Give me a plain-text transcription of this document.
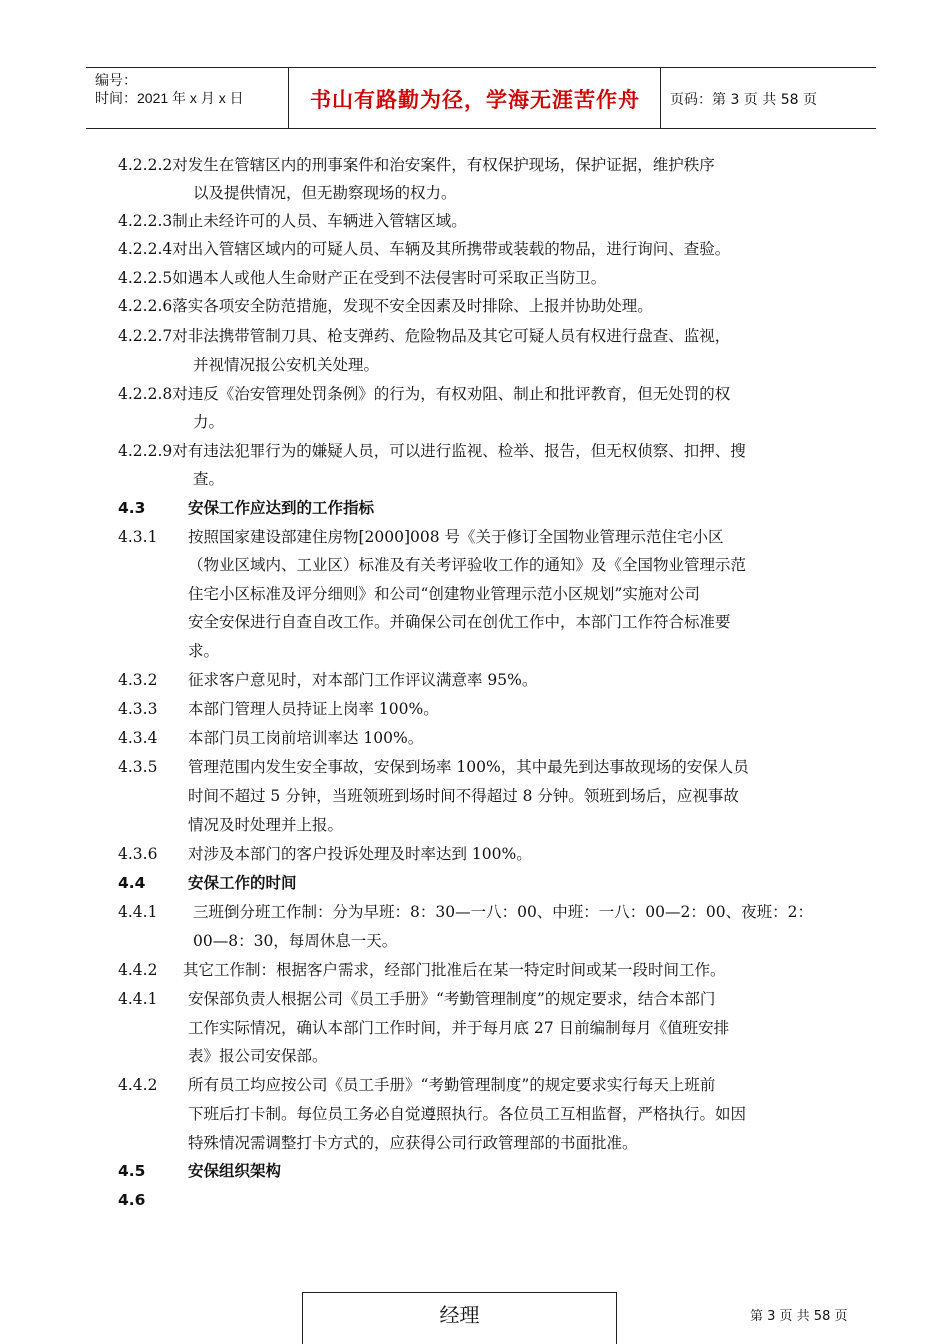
编号：
时间：2021 年 x 月 x 日	书山有路勤为径，学海无涯苦作舟	页码：第 3 页 共 58 页
4.2.2.2对发生在管辖区内的刑事案件和治安案件，有权保护现场，保护证据，维护秩序
以及提供情况，但无勘察现场的权力。
4.2.2.3制止未经许可的人员、车辆进入管辖区域。
4.2.2.4对出入管辖区域内的可疑人员、车辆及其所携带或装载的物品，进行询问、查验。
4.2.2.5如遇本人或他人生命财产正在受到不法侵害时可采取正当防卫。
4.2.2.6落实各项安全防范措施，发现不安全因素及时排除、上报并协助处理。
4.2.2.7对非法携带管制刀具、枪支弹药、危险物品及其它可疑人员有权进行盘查、监视，
并视情况报公安机关处理。
4.2.2.8对违反《治安管理处罚条例》的行为，有权劝阻、制止和批评教育，但无处罚的权
力。
4.2.2.9对有违法犯罪行为的嫌疑人员，可以进行监视、检举、报告，但无权侦察、扣押、搜
查。
4.3	安保工作应达到的工作指标
4.3.1 按照国家建设部建住房物[2000]008 号《关于修订全国物业管理示范住宅小区
（物业区域内、工业区）标准及有关考评验收工作的通知》及《全国物业管理示范
住宅小区标准及评分细则》和公司“创建物业管理示范小区规划”实施对公司
安全安保进行自查自改工作。并确保公司在创优工作中，本部门工作符合标准要
求。
4.3.2 征求客户意见时，对本部门工作评议满意率 95%。
4.3.3 本部门管理人员持证上岗率 100%。
4.3.4 本部门员工岗前培训率达 100%。
4.3.5 管理范围内发生安全事故，安保到场率 100%，其中最先到达事故现场的安保人员
时间不超过 5 分钟，当班领班到场时间不得超过 8 分钟。领班到场后，应视事故
情况及时处理并上报。
4.3.6 对涉及本部门的客户投诉处理及时率达到 100%。
4.4	安保工作的时间
4.4.1 三班倒分班工作制：分为早班：8：30—一八：00、中班：一八：00—2：00、夜班：2：
00—8：30，每周休息一天。
4.4.2 其它工作制：根据客户需求，经部门批准后在某一特定时间或某一段时间工作。
4.4.1 安保部负责人根据公司《员工手册》“考勤管理制度”的规定要求，结合本部门
工作实际情况，确认本部门工作时间，并于每月底 27 日前编制每月《值班安排
表》报公司安保部。
4.4.2 所有员工均应按公司《员工手册》“考勤管理制度”的规定要求实行每天上班前
下班后打卡制。每位员工务必自觉遵照执行。各位员工互相监督，严格执行。如因
特殊情况需调整打卡方式的，应获得公司行政管理部的书面批准。
4.5	安保组织架构
4.6
经理	第 3 页 共 58 页
